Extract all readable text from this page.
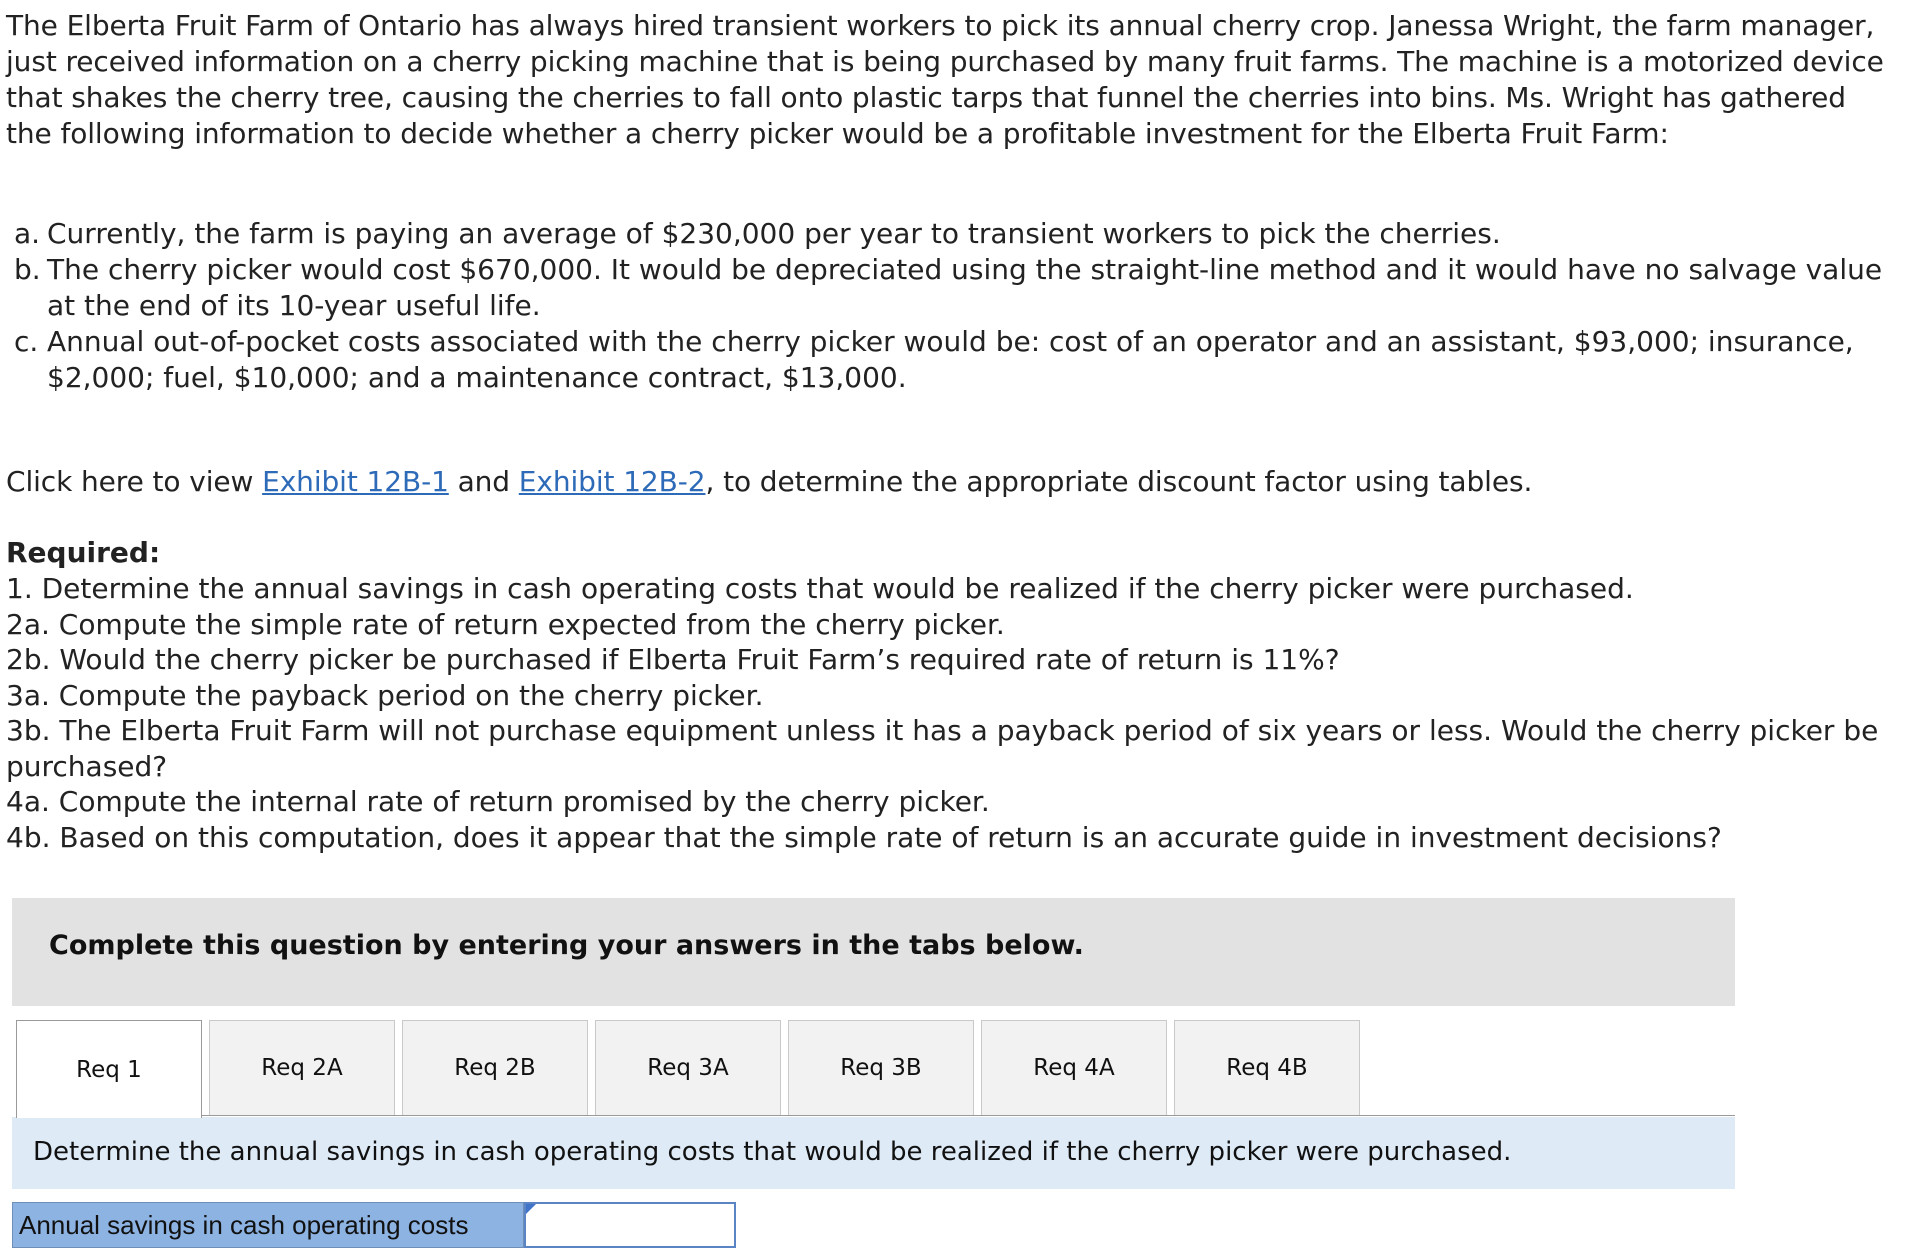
The Elberta Fruit Farm of Ontario has always hired transient workers to pick its annual cherry crop. Janessa Wright, the farm manager, just received information on a cherry picking machine that is being purchased by many fruit farms. The machine is a motorized device that shakes the cherry tree, causing the cherries to fall onto plastic tarps that funnel the cherries into bins. Ms. Wright has gathered the following information to decide whether a cherry picker would be a profitable investment for the Elberta Fruit Farm:
a. Currently, the farm is paying an average of $230,000 per year to transient workers to pick the cherries.
b. The cherry picker would cost $670,000. It would be depreciated using the straight-line method and it would have no salvage value at the end of its 10-year useful life.
c. Annual out-of-pocket costs associated with the cherry picker would be: cost of an operator and an assistant, $93,000; insurance, $2,000; fuel, $10,000; and a maintenance contract, $13,000.
Click here to view Exhibit 12B-1 and Exhibit 12B-2, to determine the appropriate discount factor using tables.
Required:
1. Determine the annual savings in cash operating costs that would be realized if the cherry picker were purchased.
2a. Compute the simple rate of return expected from the cherry picker.
2b. Would the cherry picker be purchased if Elberta Fruit Farm’s required rate of return is 11%?
3a. Compute the payback period on the cherry picker.
3b. The Elberta Fruit Farm will not purchase equipment unless it has a payback period of six years or less. Would the cherry picker be purchased?
4a. Compute the internal rate of return promised by the cherry picker.
4b. Based on this computation, does it appear that the simple rate of return is an accurate guide in investment decisions?
Complete this question by entering your answers in the tabs below.
Req 1	Req 2A	Req 2B	Req 3A	Req 3B	Req 4A	Req 4B
Determine the annual savings in cash operating costs that would be realized if the cherry picker were purchased.
Annual savings in cash operating costs
